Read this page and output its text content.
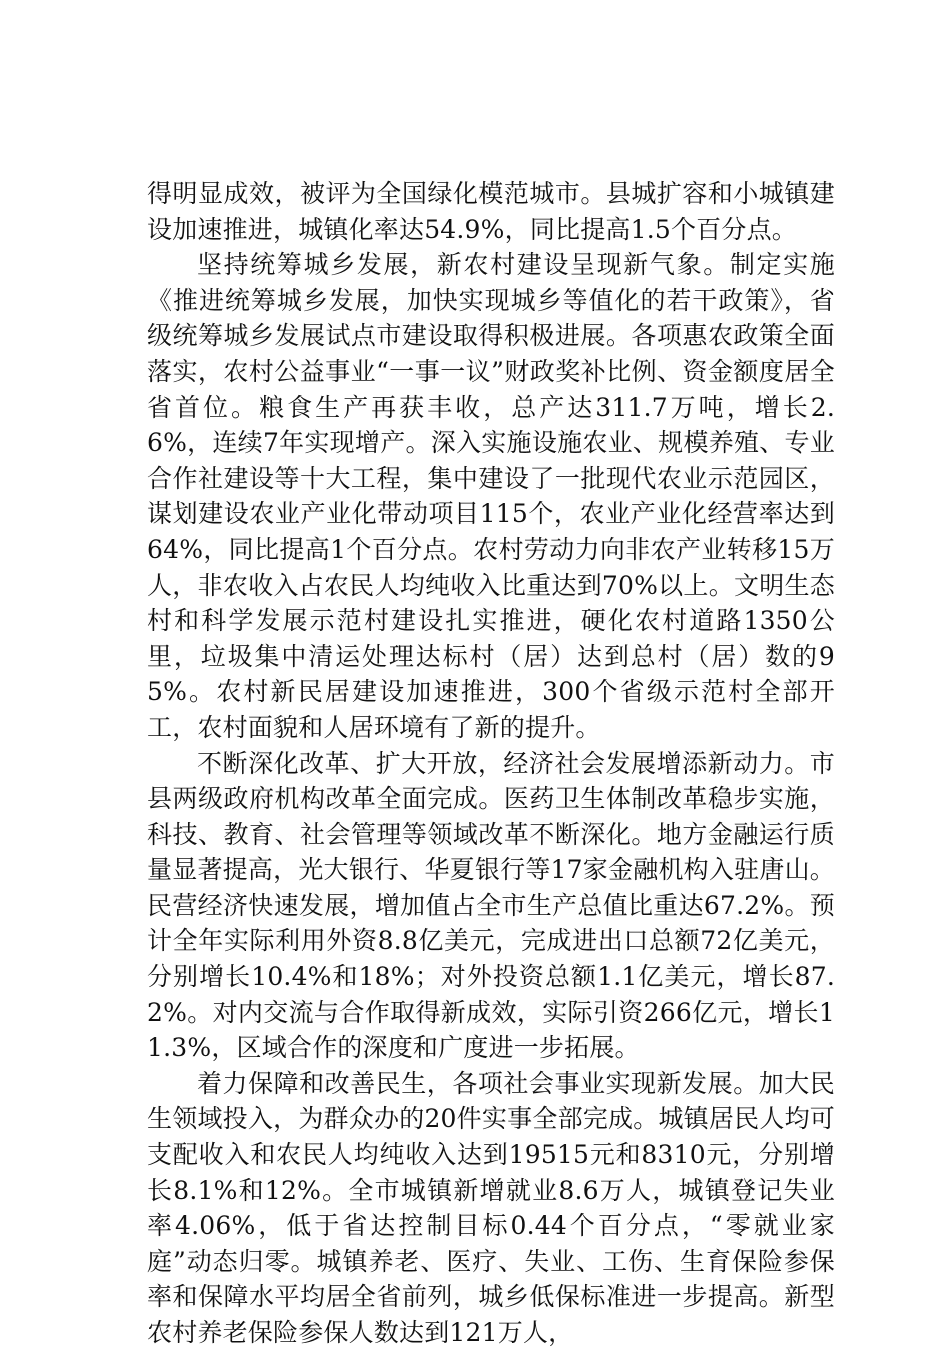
得明显成效，被评为全国绿化模范城市。县城扩容和小城镇建设加速推进，城镇化率达54.9%，同比提高1.5个百分点。

坚持统筹城乡发展，新农村建设呈现新气象。制定实施《推进统筹城乡发展，加快实现城乡等值化的若干政策》，省级统筹城乡发展试点市建设取得积极进展。各项惠农政策全面落实，农村公益事业“一事一议”财政奖补比例、资金额度居全省首位。粮食生产再获丰收，总产达311.7万吨，增长2.6%，连续7年实现增产。深入实施设施农业、规模养殖、专业合作社建设等十大工程，集中建设了一批现代农业示范园区，谋划建设农业产业化带动项目115个，农业产业化经营率达到64%，同比提高1个百分点。农村劳动力向非农产业转移15万人，非农收入占农民人均纯收入比重达到70%以上。文明生态村和科学发展示范村建设扎实推进，硬化农村道路1350公里，垃圾集中清运处理达标村（居）达到总村（居）数的95%。农村新民居建设加速推进，300个省级示范村全部开工，农村面貌和人居环境有了新的提升。

不断深化改革、扩大开放，经济社会发展增添新动力。市县两级政府机构改革全面完成。医药卫生体制改革稳步实施，科技、教育、社会管理等领域改革不断深化。地方金融运行质量显著提高，光大银行、华夏银行等17家金融机构入驻唐山。民营经济快速发展，增加值占全市生产总值比重达67.2%。预计全年实际利用外资8.8亿美元，完成进出口总额72亿美元，分别增长10.4%和18%；对外投资总额1.1亿美元，增长87.2%。对内交流与合作取得新成效，实际引资266亿元，增长11.3%，区域合作的深度和广度进一步拓展。

着力保障和改善民生，各项社会事业实现新发展。加大民生领域投入，为群众办的20件实事全部完成。城镇居民人均可支配收入和农民人均纯收入达到19515元和8310元，分别增长8.1%和12%。全市城镇新增就业8.6万人，城镇登记失业率4.06%，低于省达控制目标0.44个百分点，“零就业家庭”动态归零。城镇养老、医疗、失业、工伤、生育保险参保率和保障水平均居全省前列，城乡低保标准进一步提高。新型农村养老保险参保人数达到121万人，
